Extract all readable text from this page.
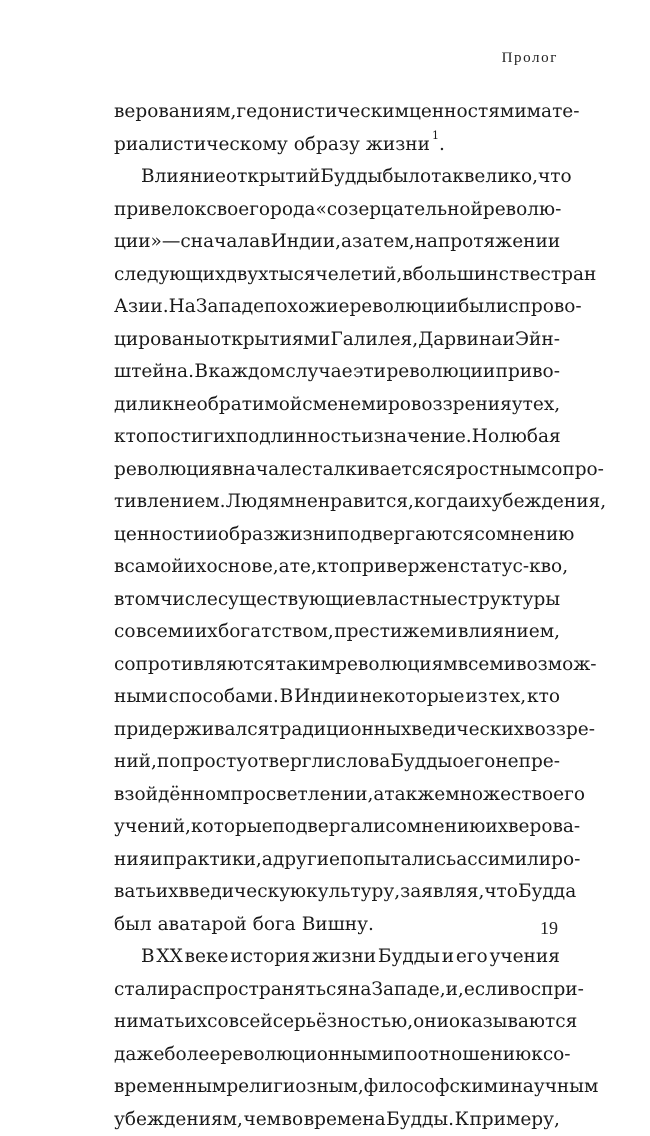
Пролог
верованиям, гедонистическим ценностям и мате-
риалистическому образу жизни $^1$.
Влияние открытий Будды было так велико, что
привело к своего рода «созерцательной револю-
ции» — сначала в Индии, а затем, на протяжении
следующих двух тысячелетий, в большинстве стран
Азии. На Западе похожие революции были спрово-
цированы открытиями Галилея, Дарвина и Эйн-
штейна. В каждом случае эти революции приво-
дили к необратимой смене мировоззрения у тех,
кто постиг их подлинность и значение. Но любая
революция вначале сталкивается с яростным сопро-
тивлением. Людям не нравится, когда их убеждения,
ценности и образ жизни подвергаются сомнению
в самой их основе, а те, кто привержен статус-кво,
в том числе существующие властные структуры
со всеми их богатством, престижем и влиянием,
сопротивляются таким революциям всеми возмож-
ными способами. В Индии некоторые из тех, кто
придерживался традиционных ведических воззре-
ний, попросту отвергли слова Будды о его непре-
взойдённом просветлении, а также множество его
учений, которые подвергали сомнению их верова-
ния и практики, а другие попытались ассимилиро-
вать их в ведическую культуру, заявляя, что Будда
был аватарой бога Вишну.
В XX веке история жизни Будды и его учения
стали распространяться на Западе, и, если воспри-
нимать их со всей серьёзностью, они оказываются
даже более революционными по отношению к со-
временным религиозным, философским и научным
убеждениям, чем во времена Будды. К примеру,
19
